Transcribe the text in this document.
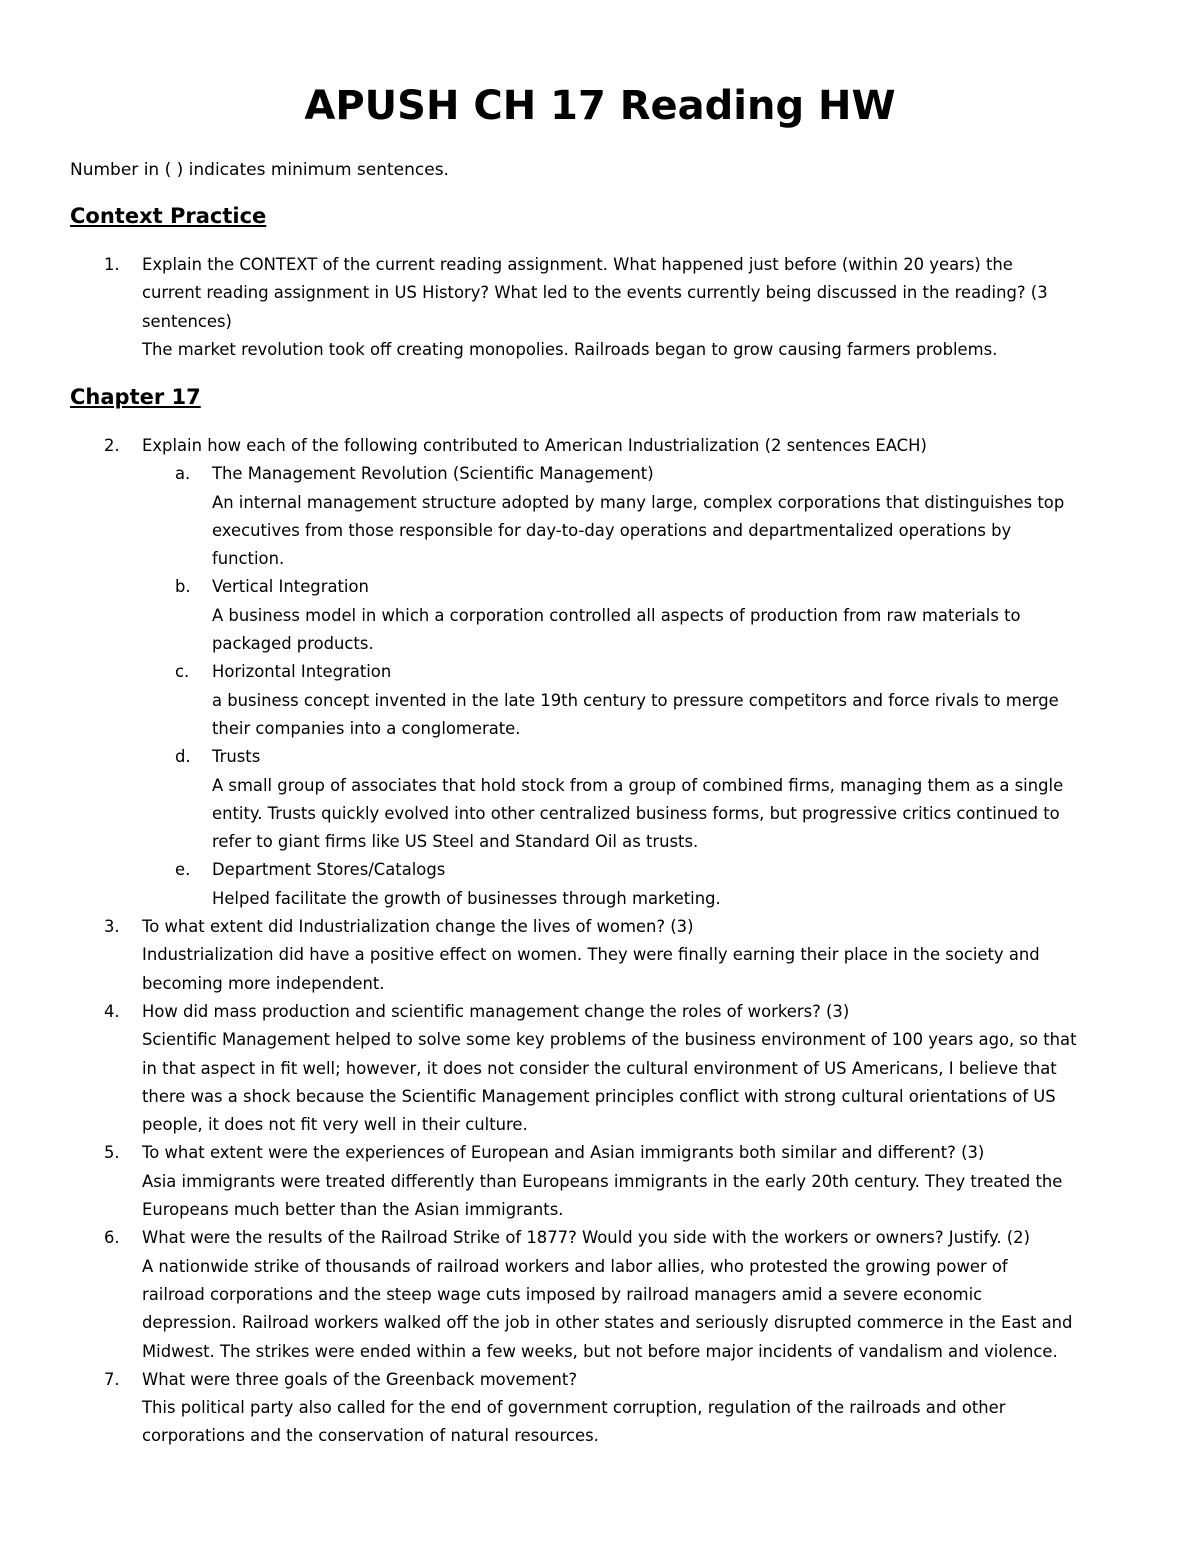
APUSH CH 17 Reading HW

Number in ( ) indicates minimum sentences.

Context Practice
1. Explain the CONTEXT of the current reading assignment. What happened just before (within 20 years) the
current reading assignment in US History? What led to the events currently being discussed in the reading? (3
sentences)
The market revolution took off creating monopolies. Railroads began to grow causing farmers problems.
Chapter 17
2. Explain how each of the following contributed to American Industrialization (2 sentences EACH)
a. The Management Revolution (Scientific Management)
An internal management structure adopted by many large, complex corporations that distinguishes top
executives from those responsible for day-to-day operations and departmentalized operations by
function.
b. Vertical Integration
A business model in which a corporation controlled all aspects of production from raw materials to
packaged products.
c. Horizontal Integration
a business concept invented in the late 19th century to pressure competitors and force rivals to merge
their companies into a conglomerate.
d. Trusts
A small group of associates that hold stock from a group of combined firms, managing them as a single
entity. Trusts quickly evolved into other centralized business forms, but progressive critics continued to
refer to giant firms like US Steel and Standard Oil as trusts.
e. Department Stores/Catalogs
Helped facilitate the growth of businesses through marketing.
3. To what extent did Industrialization change the lives of women? (3)
Industrialization did have a positive effect on women. They were finally earning their place in the society and
becoming more independent.
4. How did mass production and scientific management change the roles of workers? (3)
Scientific Management helped to solve some key problems of the business environment of 100 years ago, so that
in that aspect in fit well; however, it does not consider the cultural environment of US Americans, I believe that
there was a shock because the Scientific Management principles conflict with strong cultural orientations of US
people, it does not fit very well in their culture.
5. To what extent were the experiences of European and Asian immigrants both similar and different? (3)
Asia immigrants were treated differently than Europeans immigrants in the early 20th century. They treated the
Europeans much better than the Asian immigrants.
6. What were the results of the Railroad Strike of 1877? Would you side with the workers or owners? Justify. (2)
A nationwide strike of thousands of railroad workers and labor allies, who protested the growing power of
railroad corporations and the steep wage cuts imposed by railroad managers amid a severe economic
depression. Railroad workers walked off the job in other states and seriously disrupted commerce in the East and
Midwest. The strikes were ended within a few weeks, but not before major incidents of vandalism and violence.
7. What were three goals of the Greenback movement?
This political party also called for the end of government corruption, regulation of the railroads and other
corporations and the conservation of natural resources.
